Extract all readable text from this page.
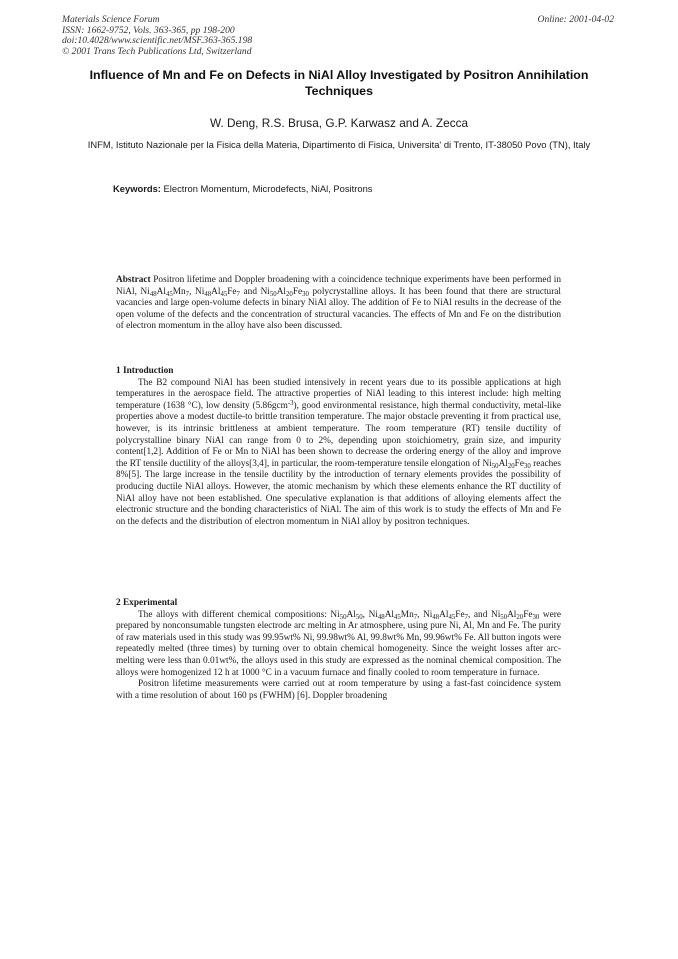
Materials Science Forum
ISSN: 1662-9752, Vols. 363-365, pp 198-200
doi:10.4028/www.scientific.net/MSF.363-365.198
© 2001 Trans Tech Publications Ltd, Switzerland
Online: 2001-04-02
Influence of Mn and Fe on Defects in NiAl Alloy Investigated by Positron Annihilation Techniques
W. Deng, R.S. Brusa, G.P. Karwasz and A. Zecca
INFM, Istituto Nazionale per la Fisica della Materia, Dipartimento di Fisica, Universita' di Trento, IT-38050 Povo (TN), Italy
Keywords: Electron Momentum, Microdefects, NiAl, Positrons

Abstract Positron lifetime and Doppler broadening with a coincidence technique experiments have been performed in NiAl, $Ni_{48}Al_{45}Mn_7$, $Ni_{48}Al_{45}Fe_7$ and $Ni_{50}Al_{20}Fe_{30}$ polycrystalline alloys. It has been found that there are structural vacancies and large open-volume defects in binary NiAl alloy. The addition of Fe to NiAl results in the decrease of the open volume of the defects and the concentration of structural vacancies. The effects of Mn and Fe on the distribution of electron momentum in the alloy have also been discussed.

1 Introduction

The B2 compound NiAl has been studied intensively in recent years due to its possible applications at high temperatures in the aerospace field. The attractive properties of NiAl leading to this interest include: high melting temperature (1638 °C), low density (5.86gcm$^{-3}$), good environmental resistance, high thermal conductivity, metal-like properties above a modest ductile-to brittle transition temperature. The major obstacle preventing it from practical use, however, is its intrinsic brittleness at ambient temperature. The room temperature (RT) tensile ductility of polycrystalline binary NiAl can range from 0 to 2%, depending upon stoichiometry, grain size, and impurity content[1,2]. Addition of Fe or Mn to NiAl has been shown to decrease the ordering energy of the alloy and improve the RT tensile ductility of the alloys[3,4], in particular, the room-temperature tensile elongation of $Ni_{50}Al_{20}Fe_{30}$ reaches 8%[5]. The large increase in the tensile ductility by the introduction of ternary elements provides the possibility of producing ductile NiAl alloys. However, the atomic mechanism by which these elements enhance the RT ductility of NiAl alloy have not been established. One speculative explanation is that additions of alloying elements affect the electronic structure and the bonding characteristics of NiAl. The aim of this work is to study the effects of Mn and Fe on the defects and the distribution of electron momentum in NiAl alloy by positron techniques.

2 Experimental

The alloys with different chemical compositions: $Ni_{50}Al_{50}$, $Ni_{48}Al_{45}Mn_7$, $Ni_{48}Al_{45}Fe_7$, and $Ni_{50}Al_{20}Fe_{30}$ were prepared by nonconsumable tungsten electrode arc melting in Ar atmosphere, using pure Ni, Al, Mn and Fe. The purity of raw materials used in this study was 99.95wt% Ni, 99.98wt% Al, 99.8wt% Mn, 99.96wt% Fe. All button ingots were repeatedly melted (three times) by turning over to obtain chemical homogeneity. Since the weight losses after arc-melting were less than 0.01wt%, the alloys used in this study are expressed as the nominal chemical composition. The alloys were homogenized 12 h at 1000 °C in a vacuum furnace and finally cooled to room temperature in furnace.

Positron lifetime measurements were carried out at room temperature by using a fast-fast coincidence system with a time resolution of about 160 ps (FWHM) [6]. Doppler broadening
